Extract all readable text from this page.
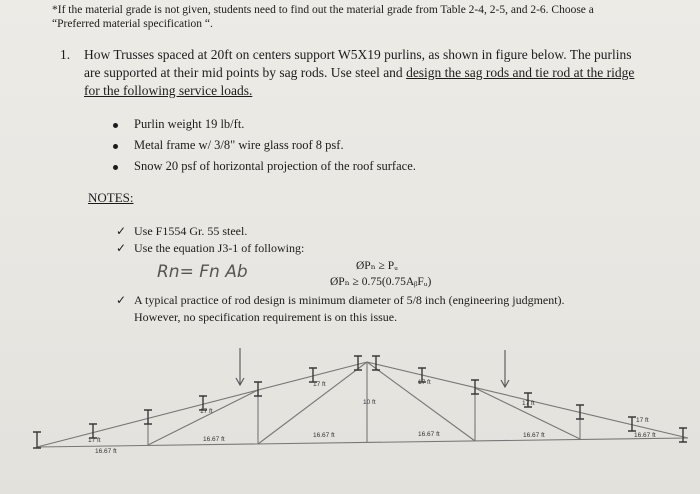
*If the material grade is not given, students need to find out the material grade from Table 2-4, 2-5, and 2-6. Choose a
“Preferred material specification “.
1. How Trusses spaced at 20ft on centers support W5X19 purlins, as shown in figure below. The purlins
are supported at their mid points by sag rods. Use steel and design the sag rods and tie rod at the ridge
for the following service loads.
Purlin weight 19 lb/ft.
Metal frame w/ 3/8" wire glass roof 8 psf.
Snow 20 psf of horizontal projection of the roof surface.
NOTES:
✓ Use F1554 Gr. 55 steel.
✓ Use the equation J3-1 of following:
Rn= Fn Ab	ØPₙ ≥ Pᵤ
ØPₙ ≥ 0.75(0.75AᵦFᵤ)
✓ A typical practice of rod design is minimum diameter of 5/8 inch (engineering judgment).
However, no specification requirement is on this issue.
17 ft
17 ft
17 ft	17 ft
17 ft
17 ft
10 ft
16.67 ft
16.67 ft
16.67 ft	16.67 ft	16.67 ft	16.67 ft
